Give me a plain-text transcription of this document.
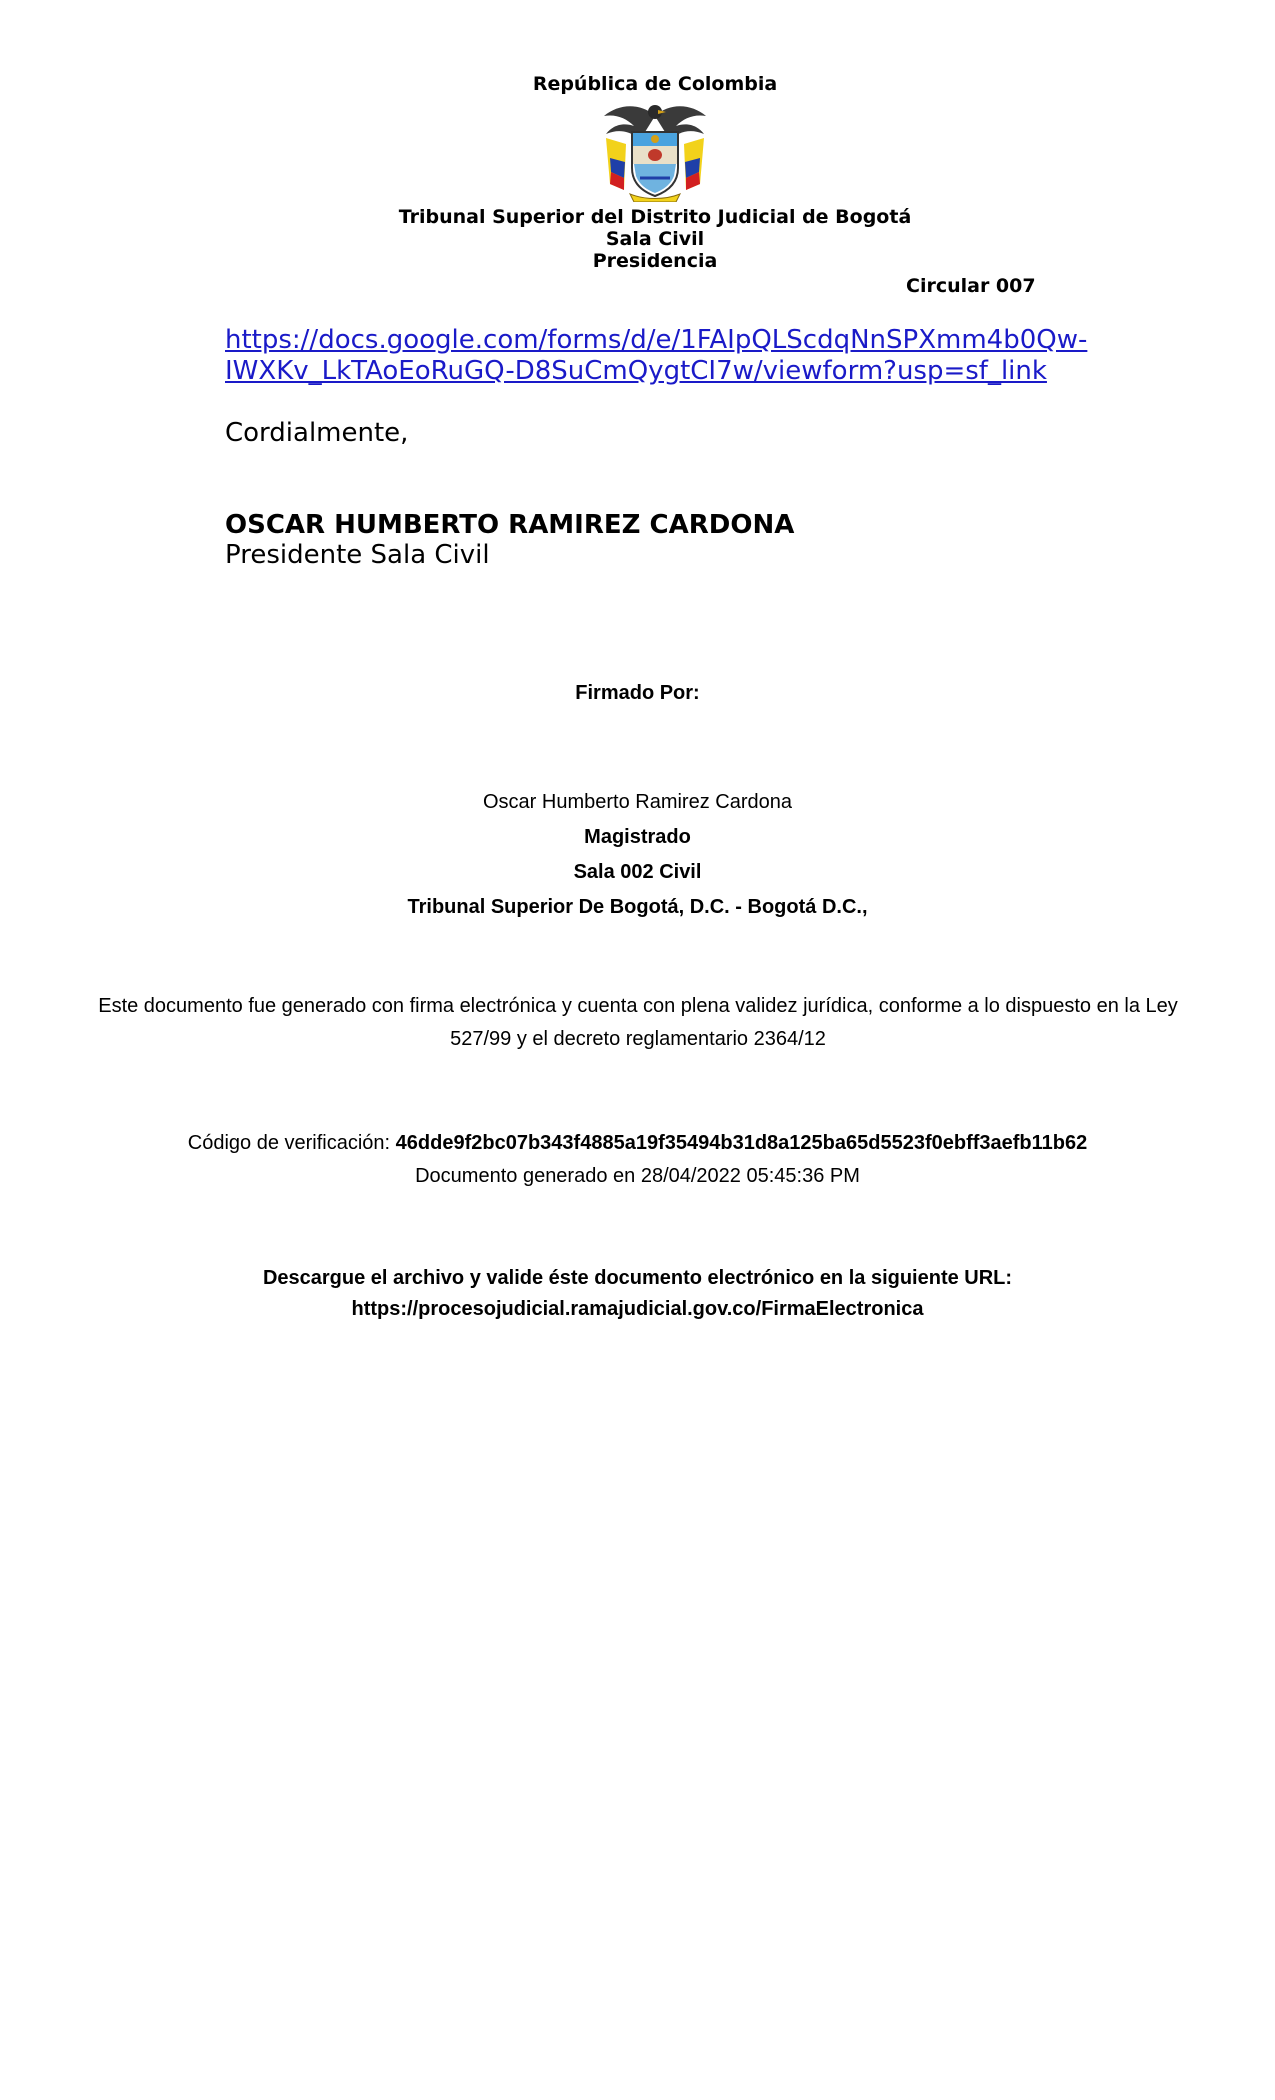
República de Colombia
Tribunal Superior del Distrito Judicial de Bogotá
Sala Civil
Presidencia
Circular 007
https://docs.google.com/forms/d/e/1FAIpQLScdqNnSPXmm4b0Qw-
IWXKv_LkTAoEoRuGQ-D8SuCmQygtCI7w/viewform?usp=sf_link
Cordialmente,
OSCAR HUMBERTO RAMIREZ CARDONA
Presidente Sala Civil
Firmado Por:
Oscar Humberto Ramirez Cardona
Magistrado
Sala 002 Civil
Tribunal Superior De Bogotá, D.C. - Bogotá D.C.,
Este documento fue generado con firma electrónica y cuenta con plena validez jurídica, conforme a lo dispuesto en la Ley
527/99 y el decreto reglamentario 2364/12
Código de verificación: 46dde9f2bc07b343f4885a19f35494b31d8a125ba65d5523f0ebff3aefb11b62
Documento generado en 28/04/2022 05:45:36 PM
Descargue el archivo y valide éste documento electrónico en la siguiente URL:
https://procesojudicial.ramajudicial.gov.co/FirmaElectronica
